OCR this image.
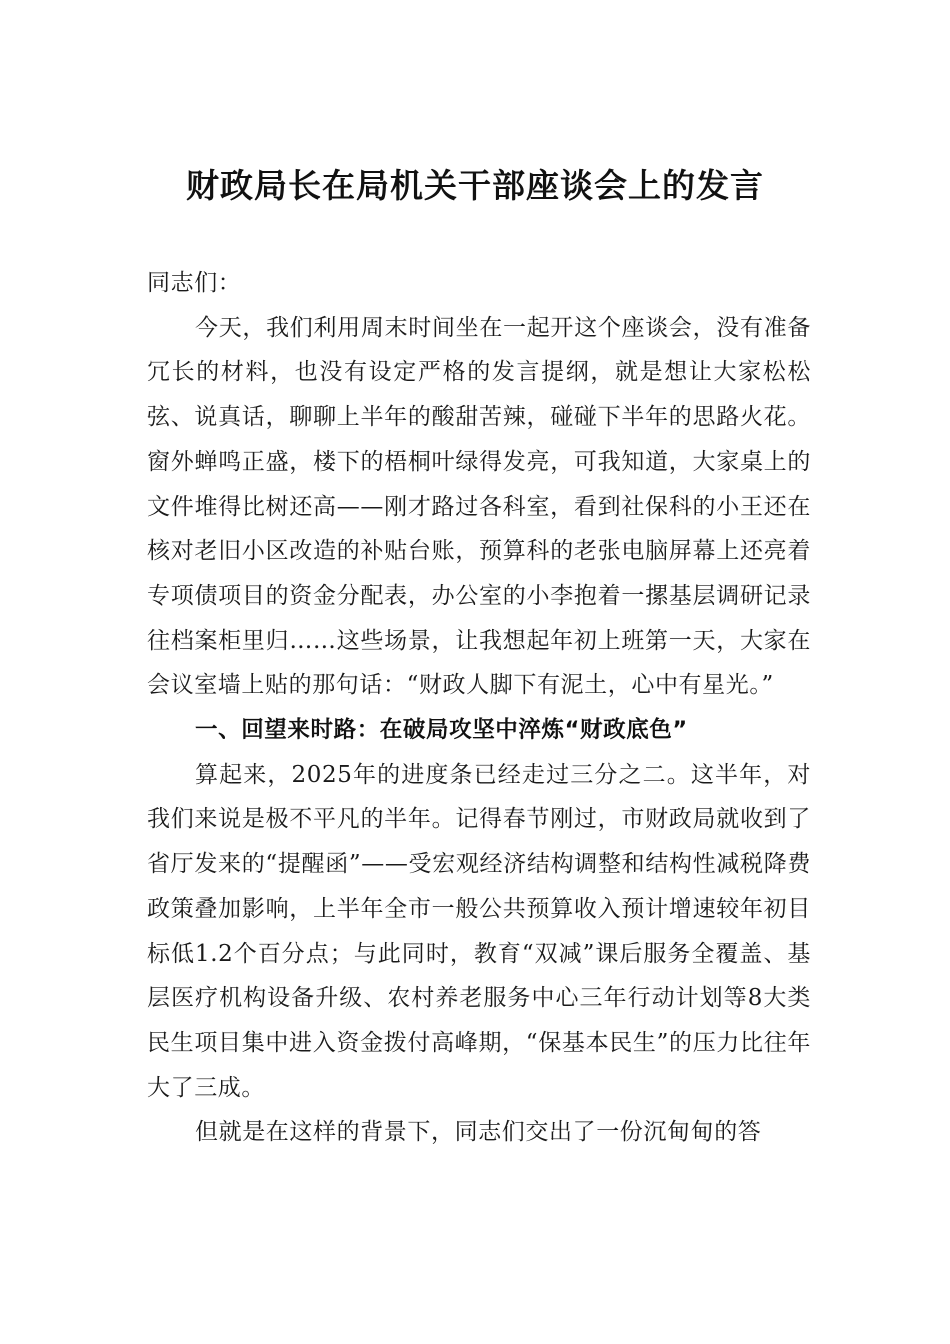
财政局长在局机关干部座谈会上的发言

同志们：

今天，我们利用周末时间坐在一起开这个座谈会，没有准备冗长的材料，也没有设定严格的发言提纲，就是想让大家松松弦、说真话，聊聊上半年的酸甜苦辣，碰碰下半年的思路火花。窗外蝉鸣正盛，楼下的梧桐叶绿得发亮，可我知道，大家桌上的文件堆得比树还高——刚才路过各科室，看到社保科的小王还在核对老旧小区改造的补贴台账，预算科的老张电脑屏幕上还亮着专项债项目的资金分配表，办公室的小李抱着一摞基层调研记录往档案柜里归……这些场景，让我想起年初上班第一天，大家在会议室墙上贴的那句话：“财政人脚下有泥土，心中有星光。”

一、回望来时路：在破局攻坚中淬炼“财政底色”

算起来，2025年的进度条已经走过三分之二。这半年，对我们来说是极不平凡的半年。记得春节刚过，市财政局就收到了省厅发来的“提醒函”——受宏观经济结构调整和结构性减税降费政策叠加影响，上半年全市一般公共预算收入预计增速较年初目标低1.2个百分点；与此同时，教育“双减”课后服务全覆盖、基层医疗机构设备升级、农村养老服务中心三年行动计划等8大类民生项目集中进入资金拨付高峰期，“保基本民生”的压力比往年大了三成。

但就是在这样的背景下，同志们交出了一份沉甸甸的答
